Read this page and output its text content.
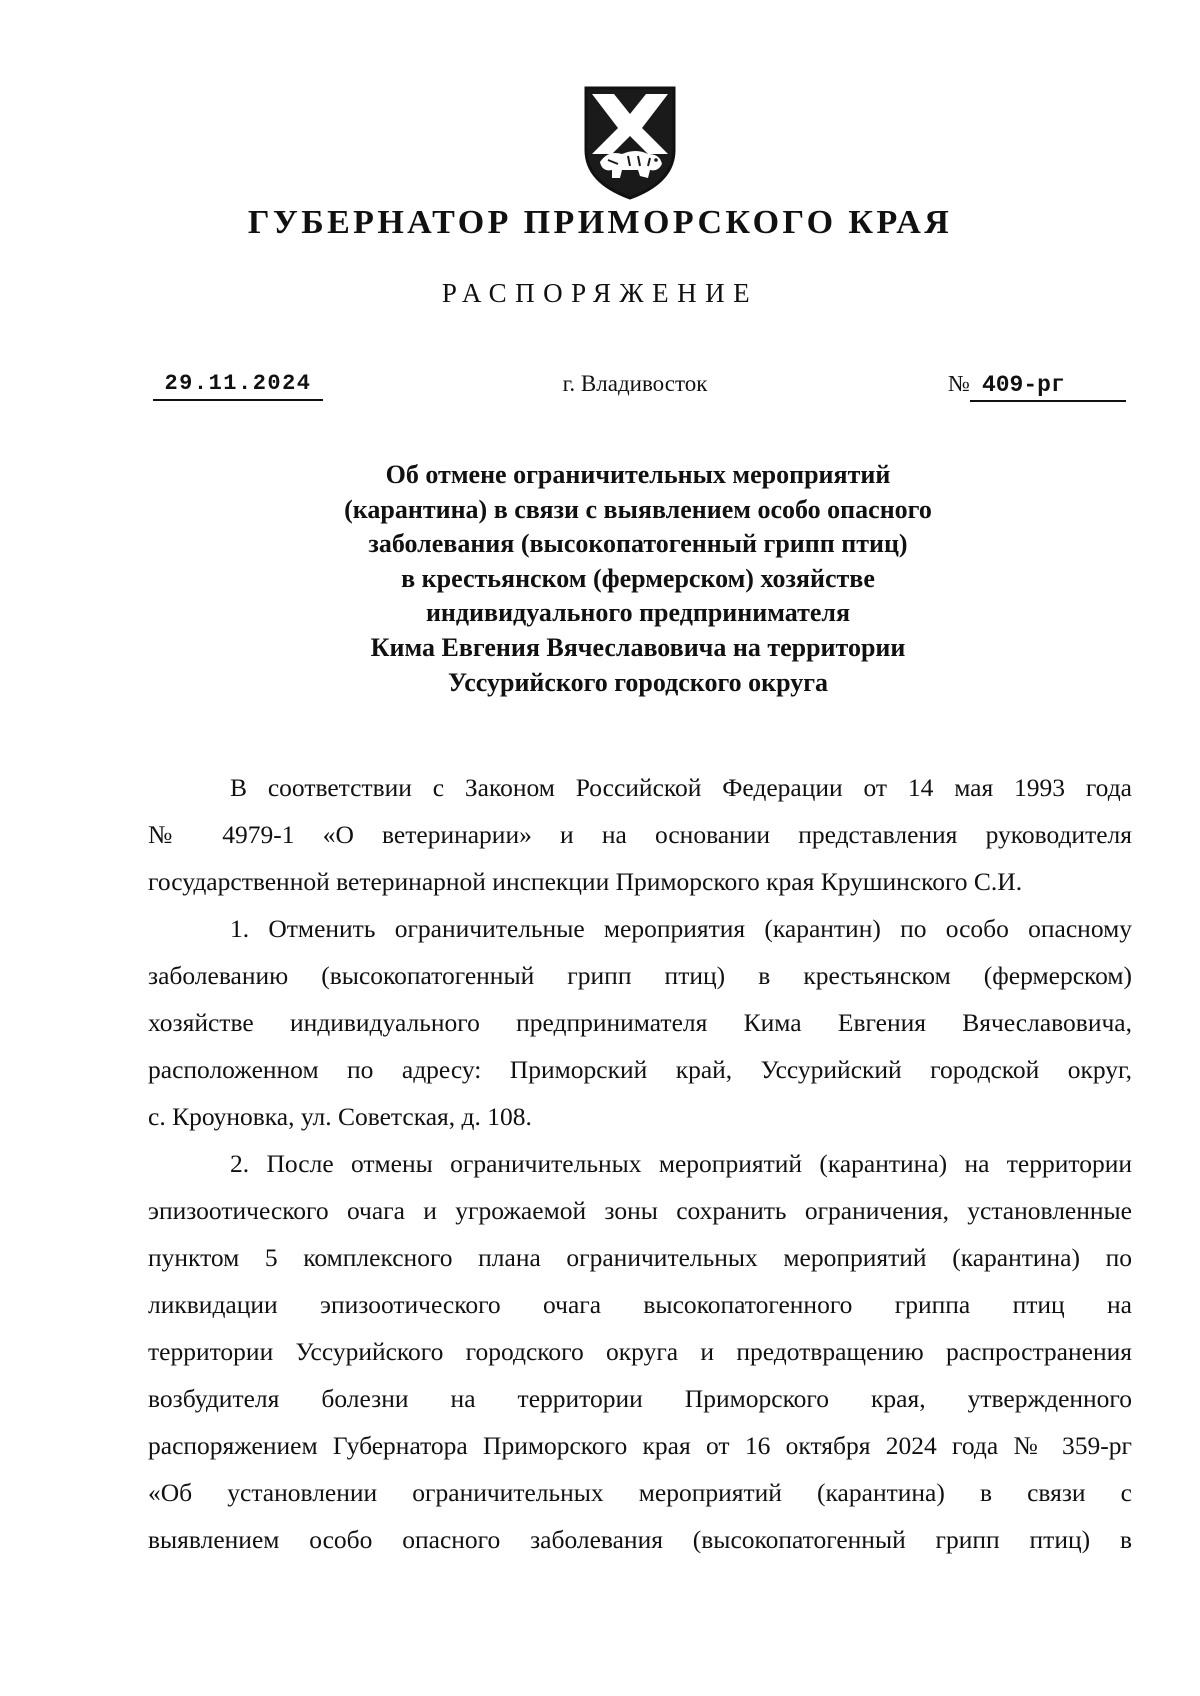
ГУБЕРНАТОР ПРИМОРСКОГО КРАЯ
РАСПОРЯЖЕНИЕ
29.11.2024	г. Владивосток	№ 409-рг
Об отмене ограничительных мероприятий
(карантина) в связи с выявлением особо опасного
заболевания (высокопатогенный грипп птиц)
в крестьянском (фермерском) хозяйстве
индивидуального предпринимателя
Кима Евгения Вячеславовича на территории
Уссурийского городского округа
В соответствии с Законом Российской Федерации от 14 мая 1993 года
№ 4979-1 «О ветеринарии» и на основании представления руководителя
государственной ветеринарной инспекции Приморского края Крушинского С.И.
1. Отменить ограничительные мероприятия (карантин) по особо опасному
заболеванию (высокопатогенный грипп птиц) в крестьянском (фермерском)
хозяйстве индивидуального предпринимателя Кима Евгения Вячеславовича,
расположенном по адресу: Приморский край, Уссурийский городской округ,
с. Кроуновка, ул. Советская, д. 108.
2. После отмены ограничительных мероприятий (карантина) на территории
эпизоотического очага и угрожаемой зоны сохранить ограничения, установленные
пунктом 5 комплексного плана ограничительных мероприятий (карантина) по
ликвидации эпизоотического очага высокопатогенного гриппа птиц на
территории Уссурийского городского округа и предотвращению распространения
возбудителя болезни на территории Приморского края, утвержденного
распоряжением Губернатора Приморского края от 16 октября 2024 года № 359-рг
«Об установлении ограничительных мероприятий (карантина) в связи с
выявлением особо опасного заболевания (высокопатогенный грипп птиц) в
